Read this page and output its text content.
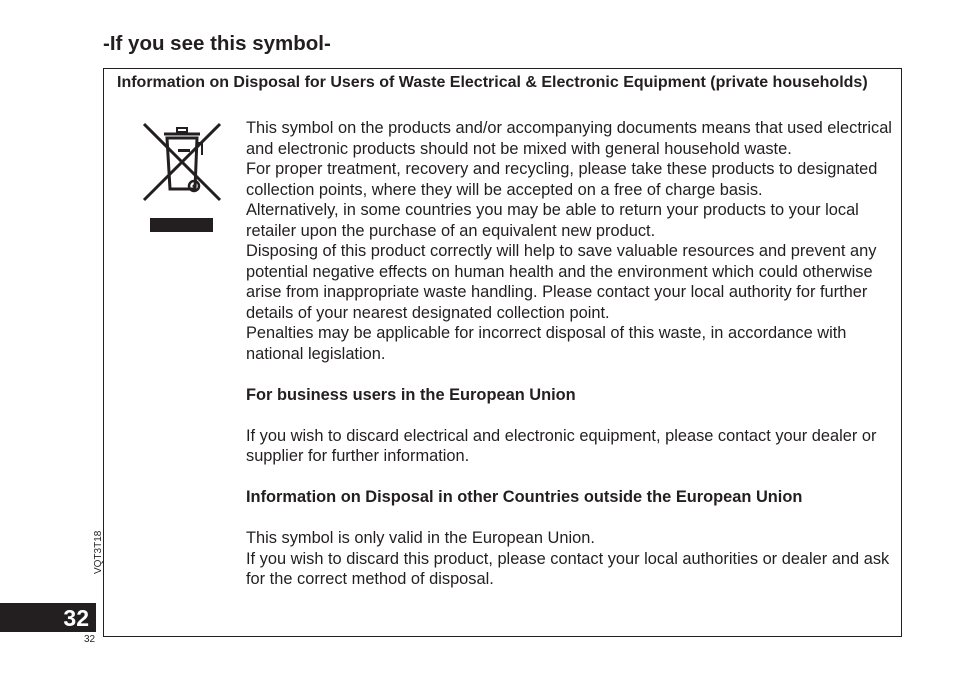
-If you see this symbol-

Information on Disposal for Users of Waste Electrical & Electronic Equipment (private households)

This symbol on the products and/or accompanying documents means that used electrical and electronic products should not be mixed with general household waste.

For proper treatment, recovery and recycling, please take these products to designated collection points, where they will be accepted on a free of charge basis.

Alternatively, in some countries you may be able to return your products to your local retailer upon the purchase of an equivalent new product.

Disposing of this product correctly will help to save valuable resources and prevent any potential negative effects on human health and the environment which could otherwise arise from inappropriate waste handling. Please contact your local authority for further details of your nearest designated collection point.

Penalties may be applicable for incorrect disposal of this waste, in accordance with national legislation.

For business users in the European Union

If you wish to discard electrical and electronic equipment, please contact your dealer or supplier for further information.

Information on Disposal in other Countries outside the European Union

This symbol is only valid in the European Union.

If you wish to discard this product, please contact your local authorities or dealer and ask for the correct method of disposal.

VQT3T18
32
32
